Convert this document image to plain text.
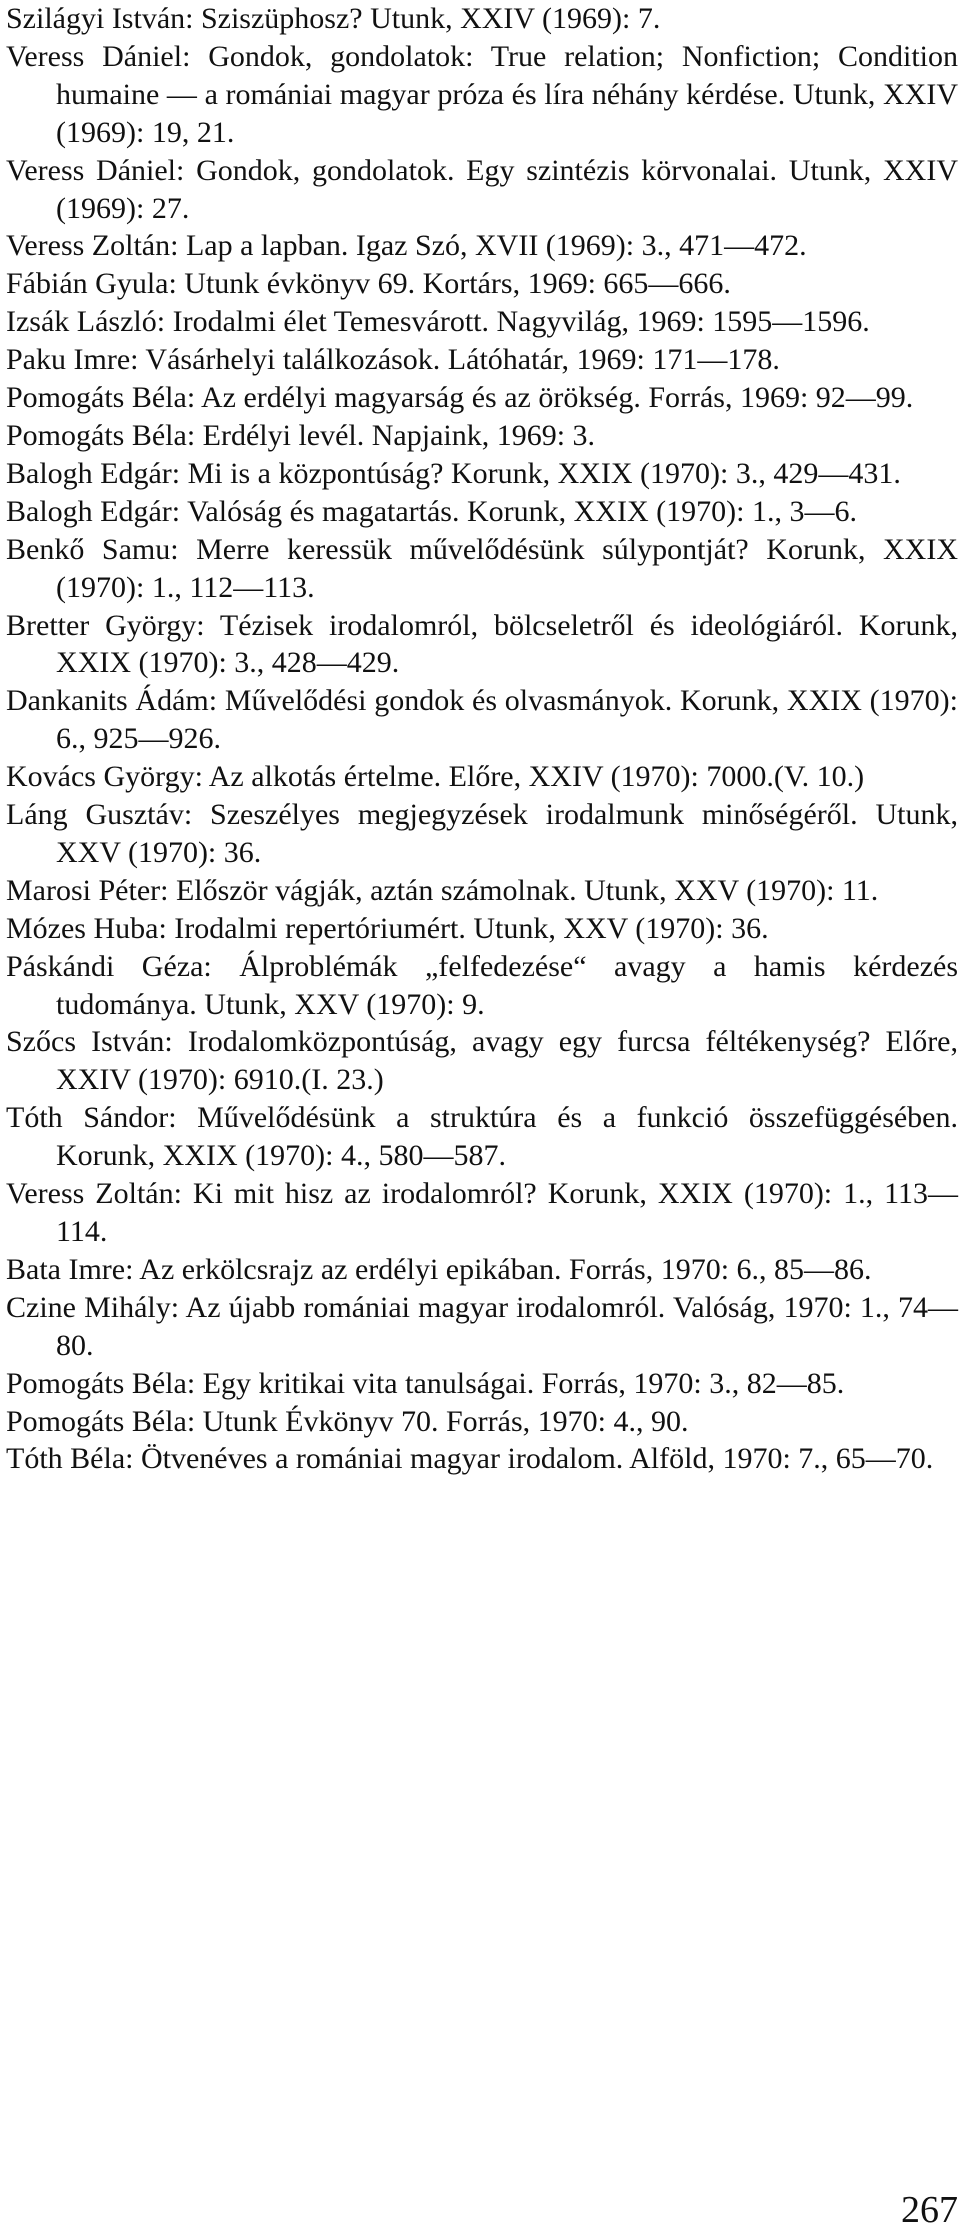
Szilágyi István: Sziszüphosz? Utunk, XXIV (1969): 7.
Veress Dániel: Gondok, gondolatok: True relation; Nonfiction; Condition humaine — a romániai magyar próza és líra néhány kérdése. Utunk, XXIV (1969): 19, 21.
Veress Dániel: Gondok, gondolatok. Egy szintézis körvonalai. Utunk, XXIV (1969): 27.
Veress Zoltán: Lap a lapban. Igaz Szó, XVII (1969): 3., 471—472.
Fábián Gyula: Utunk évkönyv 69. Kortárs, 1969: 665—666.
Izsák László: Irodalmi élet Temesvárott. Nagyvilág, 1969: 1595—1596.
Paku Imre: Vásárhelyi találkozások. Látóhatár, 1969: 171—178.
Pomogáts Béla: Az erdélyi magyarság és az örökség. Forrás, 1969: 92—99.
Pomogáts Béla: Erdélyi levél. Napjaink, 1969: 3.
Balogh Edgár: Mi is a központúság? Korunk, XXIX (1970): 3., 429—431.
Balogh Edgár: Valóság és magatartás. Korunk, XXIX (1970): 1., 3—6.
Benkő Samu: Merre keressük művelődésünk súlypontját? Korunk, XXIX (1970): 1., 112—113.
Bretter György: Tézisek irodalomról, bölcseletről és ideológiáról. Korunk, XXIX (1970): 3., 428—429.
Dankanits Ádám: Művelődési gondok és olvasmányok. Korunk, XXIX (1970): 6., 925—926.
Kovács György: Az alkotás értelme. Előre, XXIV (1970): 7000.(V. 10.)
Láng Gusztáv: Szeszélyes megjegyzések irodalmunk minőségéről. Utunk, XXV (1970): 36.
Marosi Péter: Először vágják, aztán számolnak. Utunk, XXV (1970): 11.
Mózes Huba: Irodalmi repertóriumért. Utunk, XXV (1970): 36.
Páskándi Géza: Álproblémák „felfedezése“ avagy a hamis kérdezés tudománya. Utunk, XXV (1970): 9.
Szőcs István: Irodalomközpontúság, avagy egy furcsa féltékenység? Előre, XXIV (1970): 6910.(I. 23.)
Tóth Sándor: Művelődésünk a struktúra és a funkció összefüggésében. Korunk, XXIX (1970): 4., 580—587.
Veress Zoltán: Ki mit hisz az irodalomról? Korunk, XXIX (1970): 1., 113—114.
Bata Imre: Az erkölcsrajz az erdélyi epikában. Forrás, 1970: 6., 85—86.
Czine Mihály: Az újabb romániai magyar irodalomról. Valóság, 1970: 1., 74—80.
Pomogáts Béla: Egy kritikai vita tanulságai. Forrás, 1970: 3., 82—85.
Pomogáts Béla: Utunk Évkönyv 70. Forrás, 1970: 4., 90.
Tóth Béla: Ötvenéves a romániai magyar irodalom. Alföld, 1970: 7., 65—70.
267
